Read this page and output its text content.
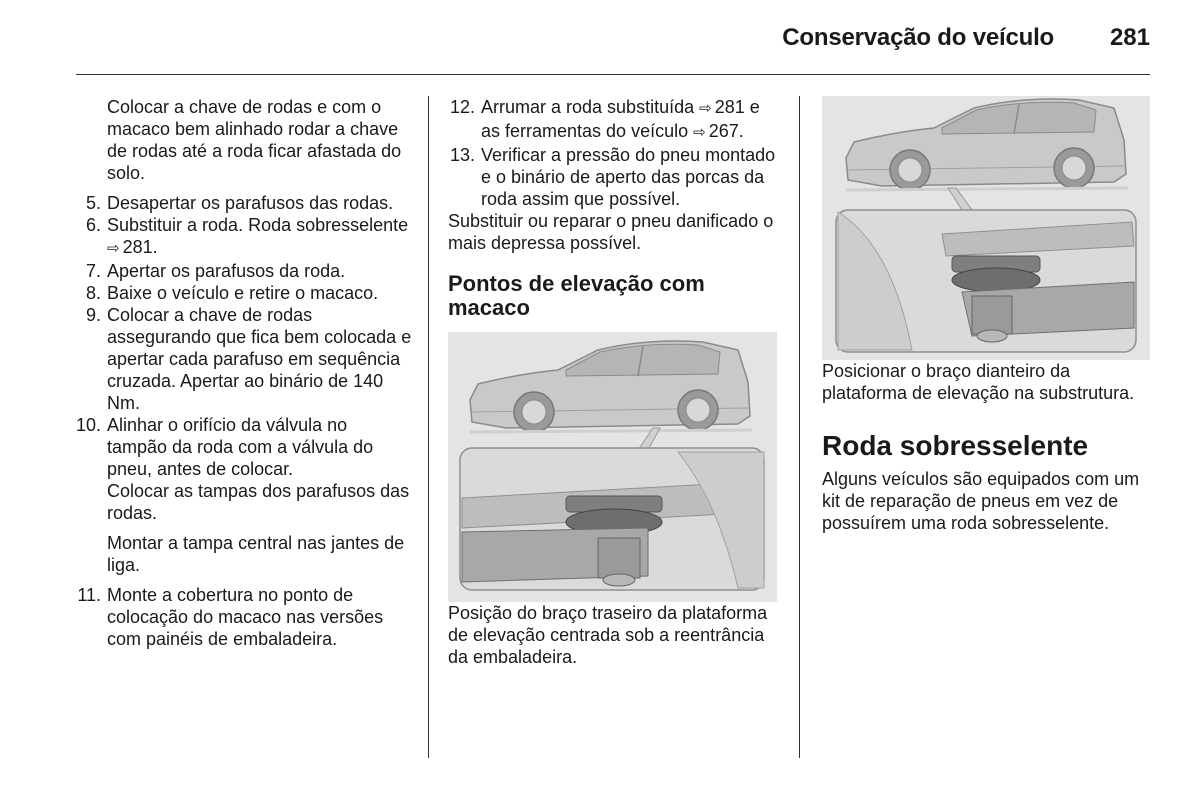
Conservação do veículo 281

Colocar a chave de rodas e com o macaco bem alinhado rodar a chave de rodas até a roda ficar afastada do solo.

5. Desapertar os parafusos das rodas.

6. Substituir a roda. Roda sobresselente ⇨ 281.

7. Apertar os parafusos da roda.

8. Baixe o veículo e retire o macaco.

9. Colocar a chave de rodas assegurando que fica bem colocada e apertar cada parafuso em sequência cruzada. Apertar ao binário de 140 Nm.

10. Alinhar o orifício da válvula no tampão da roda com a válvula do pneu, antes de colocar.

Colocar as tampas dos parafusos das rodas.

Montar a tampa central nas jantes de liga.

11. Monte a cobertura no ponto de colocação do macaco nas versões com painéis de embaladeira.

12. Arrumar a roda substituída ⇨ 281 e as ferramentas do veículo ⇨ 267.

13. Verificar a pressão do pneu montado e o binário de aperto das porcas da roda assim que possível.

Substituir ou reparar o pneu danificado o mais depressa possível.

Pontos de elevação com macaco

Posição do braço traseiro da plataforma de elevação centrada sob a reentrância da embaladeira.

Posicionar o braço dianteiro da plataforma de elevação na substrutura.

Roda sobresselente

Alguns veículos são equipados com um kit de reparação de pneus em vez de possuírem uma roda sobresselente.
